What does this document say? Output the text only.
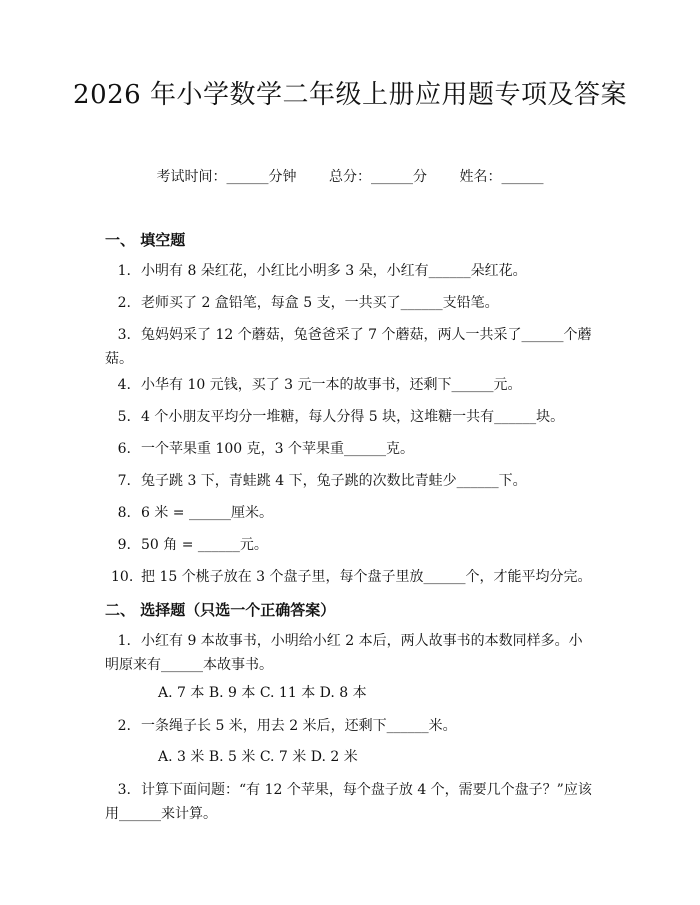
2026 年小学数学二年级上册应用题专项及答案
考试时间：______分钟 总分：______分 姓名：______
一、 填空题
1. 小明有 8 朵红花，小红比小明多 3 朵，小红有______朵红花。
2. 老师买了 2 盒铅笔，每盒 5 支，一共买了______支铅笔。
3. 兔妈妈采了 12 个蘑菇，兔爸爸采了 7 个蘑菇，两人一共采了______个蘑菇。
4. 小华有 10 元钱，买了 3 元一本的故事书，还剩下______元。
5. 4 个小朋友平均分一堆糖，每人分得 5 块，这堆糖一共有______块。
6. 一个苹果重 100 克，3 个苹果重______克。
7. 兔子跳 3 下，青蛙跳 4 下，兔子跳的次数比青蛙少______下。
8. 6 米 = ______厘米。
9. 50 角 = ______元。
10. 把 15 个桃子放在 3 个盘子里，每个盘子里放______个，才能平均分完。
二、 选择题（只选一个正确答案）
1. 小红有 9 本故事书，小明给小红 2 本后，两人故事书的本数同样多。小明原来有______本故事书。
A. 7 本 B. 9 本 C. 11 本 D. 8 本
2. 一条绳子长 5 米，用去 2 米后，还剩下______米。
A. 3 米 B. 5 米 C. 7 米 D. 2 米
3. 计算下面问题：“有 12 个苹果，每个盘子放 4 个，需要几个盘子？”应该用______来计算。
